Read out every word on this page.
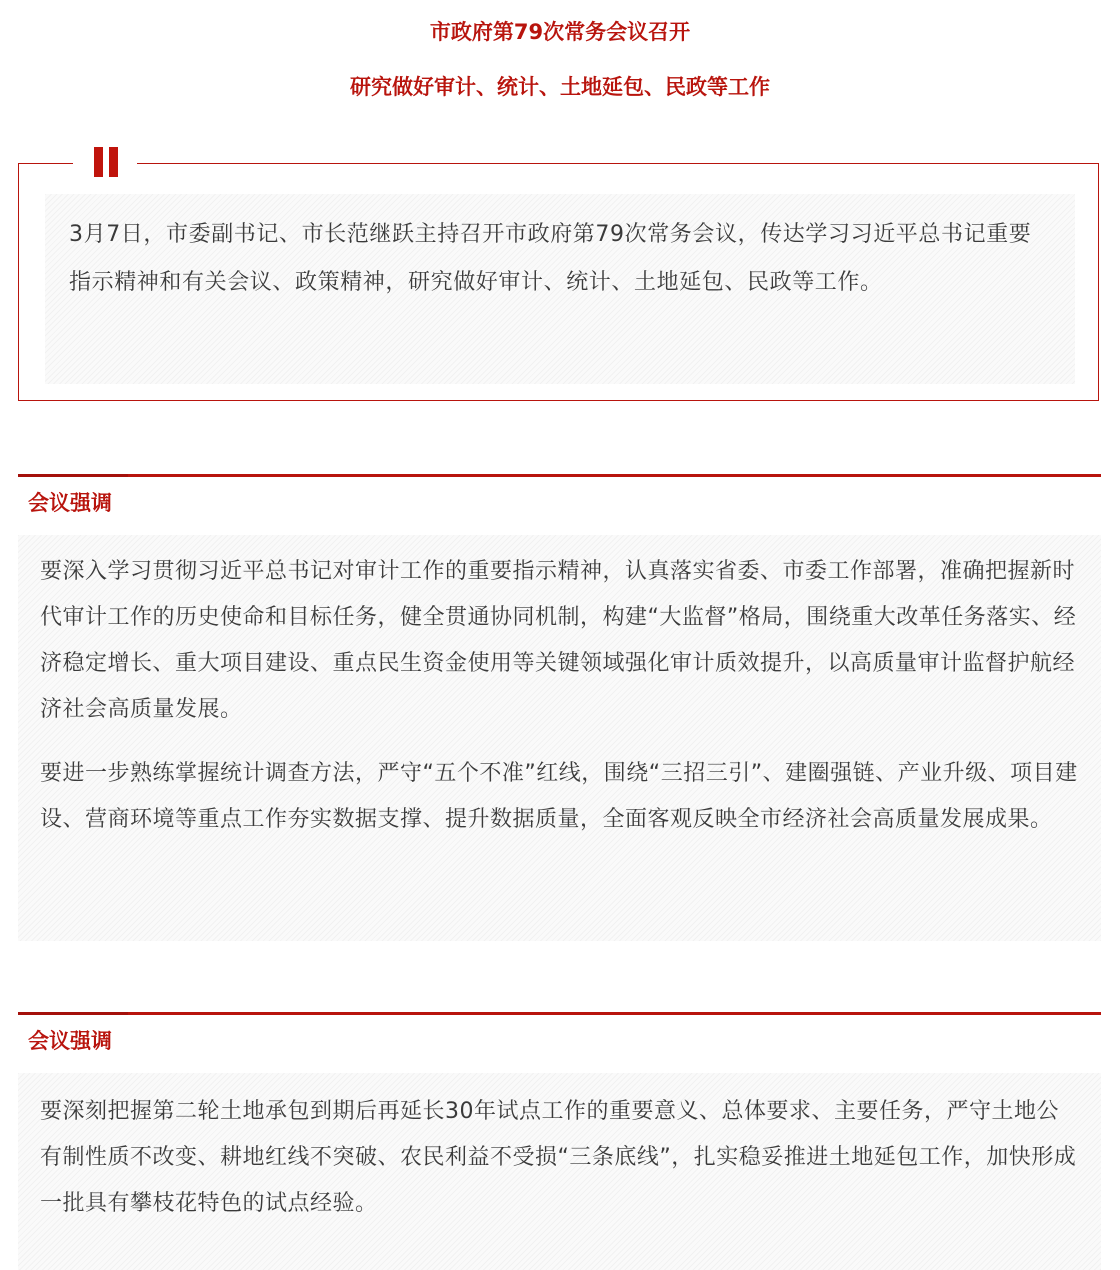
市政府第79次常务会议召开
研究做好审计、统计、土地延包、民政等工作
3月7日，市委副书记、市长范继跃主持召开市政府第79次常务会议，传达学习习近平总书记重要指示精神和有关会议、政策精神，研究做好审计、统计、土地延包、民政等工作。
会议强调

要深入学习贯彻习近平总书记对审计工作的重要指示精神，认真落实省委、市委工作部署，准确把握新时代审计工作的历史使命和目标任务，健全贯通协同机制，构建“大监督”格局，围绕重大改革任务落实、经济稳定增长、重大项目建设、重点民生资金使用等关键领域强化审计质效提升，以高质量审计监督护航经济社会高质量发展。

要进一步熟练掌握统计调查方法，严守“五个不准”红线，围绕“三招三引”、建圈强链、产业升级、项目建设、营商环境等重点工作夯实数据支撑、提升数据质量，全面客观反映全市经济社会高质量发展成果。

会议强调

要深刻把握第二轮土地承包到期后再延长30年试点工作的重要意义、总体要求、主要任务，严守土地公有制性质不改变、耕地红线不突破、农民利益不受损“三条底线”，扎实稳妥推进土地延包工作，加快形成一批具有攀枝花特色的试点经验。
